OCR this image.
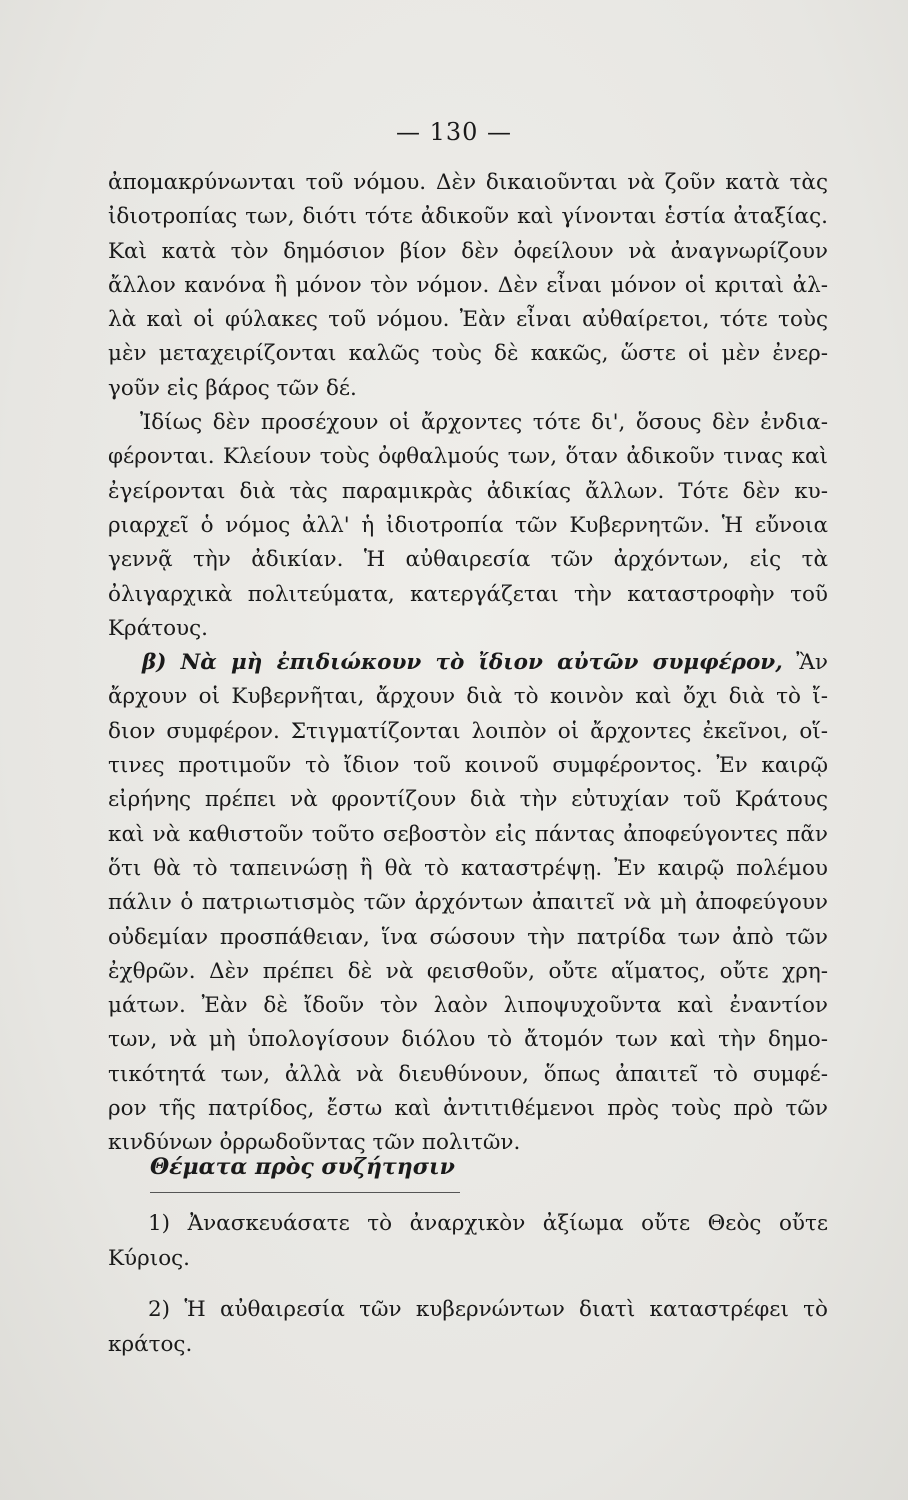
— 130 —
ἀπομακρύνωνται τοῦ νόμου. Δὲν δικαιοῦνται νὰ ζοῦν κατὰ τὰς
ἰδιοτροπίας των, διότι τότε ἀδικοῦν καὶ γίνονται ἑστία ἀταξίας.
Καὶ κατὰ τὸν δημόσιον βίον δὲν ὀφείλουν νὰ ἀναγνωρίζουν
ἄλλον κανόνα ἢ μόνον τὸν νόμον. Δὲν εἶναι μόνον οἱ κριταὶ ἀλ-
λὰ καὶ οἱ φύλακες τοῦ νόμου. Ἐὰν εἶναι αὐθαίρετοι, τότε τοὺς
μὲν μεταχειρίζονται καλῶς τοὺς δὲ κακῶς, ὥστε οἱ μὲν ἐνερ-
γοῦν εἰς βάρος τῶν δέ.
Ἰδίως δὲν προσέχουν οἱ ἄρχοντες τότε δι', ὅσους δὲν ἐνδια-
φέρονται. Κλείουν τοὺς ὀφθαλμούς των, ὅταν ἀδικοῦν τινας καὶ
ἐγείρονται διὰ τὰς παραμικρὰς ἀδικίας ἄλλων. Τότε δὲν κυ-
ριαρχεῖ ὁ νόμος ἀλλ' ἡ ἰδιοτροπία τῶν Κυβερνητῶν. Ἡ εὔνοια
γεννᾷ τὴν ἀδικίαν. Ἡ αὐθαιρεσία τῶν ἀρχόντων, εἰς τὰ
ὀλιγαρχικὰ πολιτεύματα, κατεργάζεται τὴν καταστροφὴν τοῦ
Κράτους.
β) Νὰ μὴ ἐπιδιώκουν τὸ ἴδιον αὐτῶν συμφέρον, Ἂν
ἄρχουν οἱ Κυβερνῆται, ἄρχουν διὰ τὸ κοινὸν καὶ ὄχι διὰ τὸ ἴ-
διον συμφέρον. Στιγματίζονται λοιπὸν οἱ ἄρχοντες ἐκεῖνοι, οἵ-
τινες προτιμοῦν τὸ ἴδιον τοῦ κοινοῦ συμφέροντος. Ἐν καιρῷ
εἰρήνης πρέπει νὰ φροντίζουν διὰ τὴν εὐτυχίαν τοῦ Κράτους
καὶ νὰ καθιστοῦν τοῦτο σεβοστὸν εἰς πάντας ἀποφεύγοντες πᾶν
ὅτι θὰ τὸ ταπεινώσῃ ἢ θὰ τὸ καταστρέψῃ. Ἐν καιρῷ πολέμου
πάλιν ὁ πατριωτισμὸς τῶν ἀρχόντων ἀπαιτεῖ νὰ μὴ ἀποφεύγουν
οὐδεμίαν προσπάθειαν, ἵνα σώσουν τὴν πατρίδα των ἀπὸ τῶν
ἐχθρῶν. Δὲν πρέπει δὲ νὰ φεισθοῦν, οὔτε αἵματος, οὔτε χρη-
μάτων. Ἐὰν δὲ ἴδοῦν τὸν λαὸν λιποψυχοῦντα καὶ ἐναντίον
των, νὰ μὴ ὑπολογίσουν διόλου τὸ ἄτομόν των καὶ τὴν δημο-
τικότητά των, ἀλλὰ νὰ διευθύνουν, ὅπως ἀπαιτεῖ τὸ συμφέ-
ρον τῆς πατρίδος, ἔστω καὶ ἀντιτιθέμενοι πρὸς τοὺς πρὸ τῶν
κινδύνων ὀρρωδοῦντας τῶν πολιτῶν.
Θέματα πρὸς συζήτησιν
1) Ἀνασκευάσατε τὸ ἀναρχικὸν ἀξίωμα οὔτε Θεὸς οὔτε
Κύριος.
2) Ἡ αὐθαιρεσία τῶν κυβερνώντων διατὶ καταστρέφει τὸ
κράτος.
